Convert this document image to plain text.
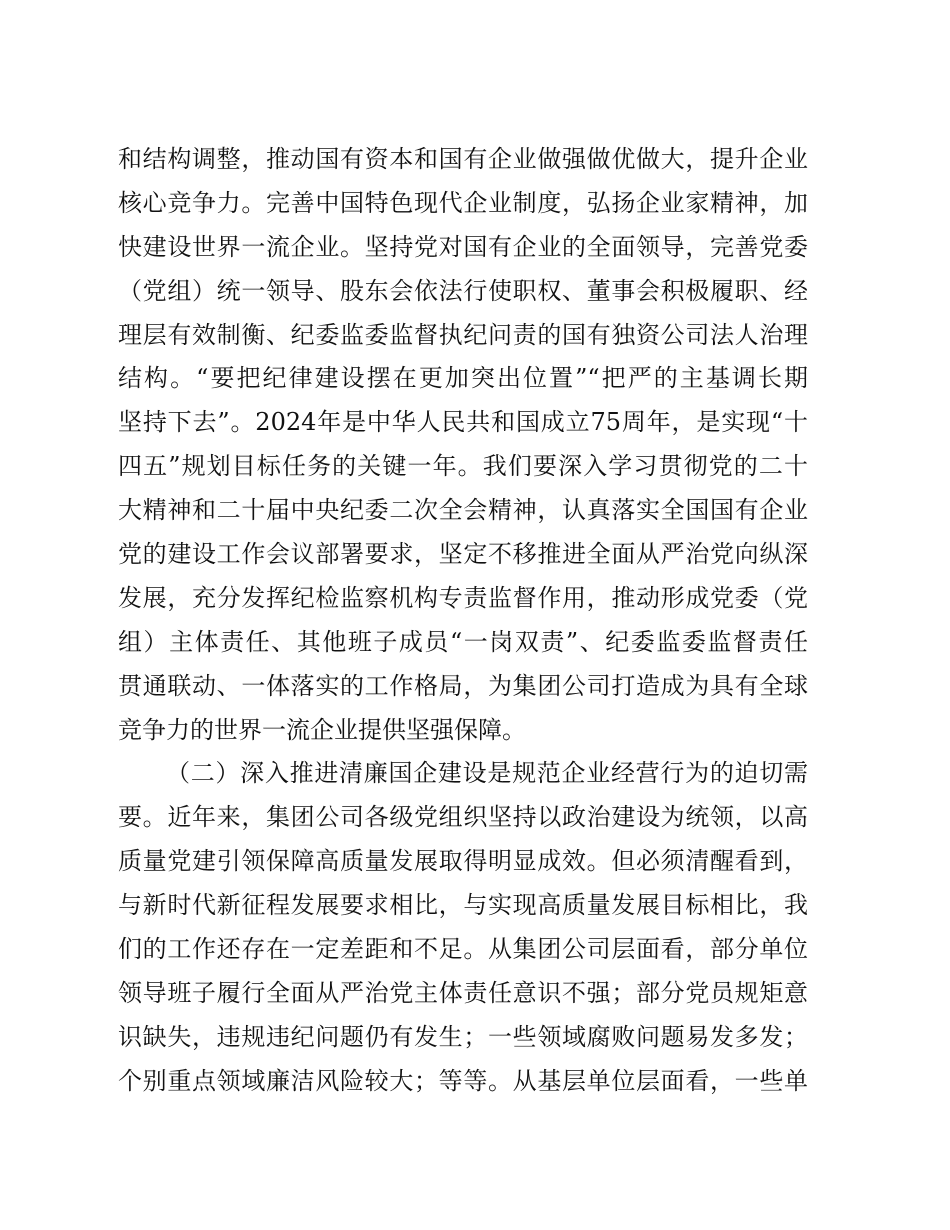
和结构调整，推动国有资本和国有企业做强做优做大，提升企业
核心竞争力。完善中国特色现代企业制度，弘扬企业家精神，加
快建设世界一流企业。坚持党对国有企业的全面领导，完善党委
（党组）统一领导、股东会依法行使职权、董事会积极履职、经
理层有效制衡、纪委监委监督执纪问责的国有独资公司法人治理
结构。“要把纪律建设摆在更加突出位置”“把严的主基调长期
坚持下去”。2024年是中华人民共和国成立75周年，是实现“十
四五”规划目标任务的关键一年。我们要深入学习贯彻党的二十
大精神和二十届中央纪委二次全会精神，认真落实全国国有企业
党的建设工作会议部署要求，坚定不移推进全面从严治党向纵深
发展，充分发挥纪检监察机构专责监督作用，推动形成党委（党
组）主体责任、其他班子成员“一岗双责”、纪委监委监督责任
贯通联动、一体落实的工作格局，为集团公司打造成为具有全球
竞争力的世界一流企业提供坚强保障。
（二）深入推进清廉国企建设是规范企业经营行为的迫切需
要。近年来，集团公司各级党组织坚持以政治建设为统领，以高
质量党建引领保障高质量发展取得明显成效。但必须清醒看到，
与新时代新征程发展要求相比，与实现高质量发展目标相比，我
们的工作还存在一定差距和不足。从集团公司层面看，部分单位
领导班子履行全面从严治党主体责任意识不强；部分党员规矩意
识缺失，违规违纪问题仍有发生；一些领域腐败问题易发多发；
个别重点领域廉洁风险较大；等等。从基层单位层面看，一些单
